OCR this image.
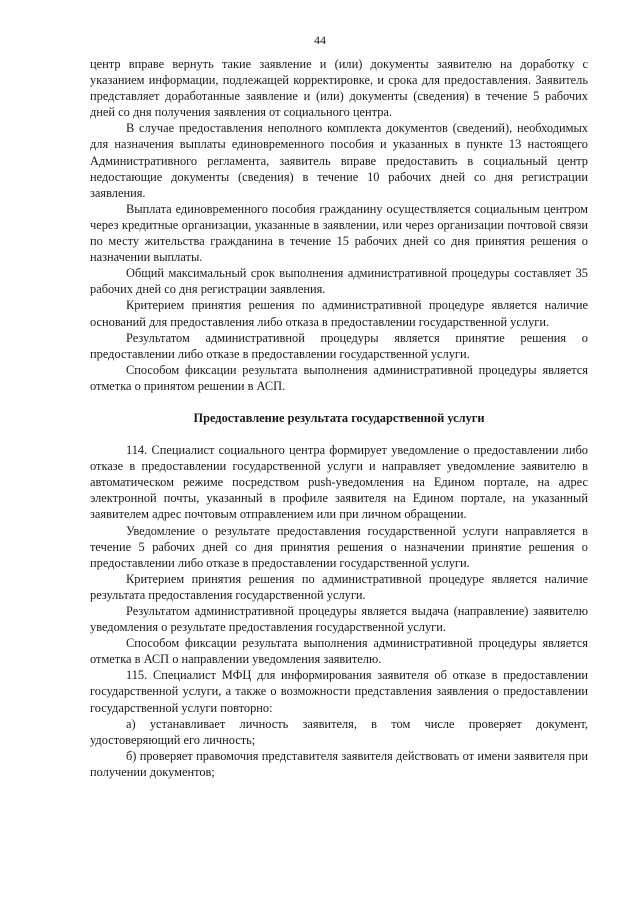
44

центр вправе вернуть такие заявление и (или) документы заявителю на доработку с указанием информации, подлежащей корректировке, и срока для предоставления. Заявитель представляет доработанные заявление и (или) документы (сведения) в течение 5 рабочих дней со дня получения заявления от социального центра.

В случае предоставления неполного комплекта документов (сведений), необходимых для назначения выплаты единовременного пособия и указанных в пункте 13 настоящего Административного регламента, заявитель вправе предоставить в социальный центр недостающие документы (сведения) в течение 10 рабочих дней со дня регистрации заявления.

Выплата единовременного пособия гражданину осуществляется социальным центром через кредитные организации, указанные в заявлении, или через организации почтовой связи по месту жительства гражданина в течение 15 рабочих дней со дня принятия решения о назначении выплаты.

Общий максимальный срок выполнения административной процедуры составляет 35 рабочих дней со дня регистрации заявления.

Критерием принятия решения по административной процедуре является наличие оснований для предоставления либо отказа в предоставлении государственной услуги.

Результатом административной процедуры является принятие решения о предоставлении либо отказе в предоставлении государственной услуги.

Способом фиксации результата выполнения административной процедуры является отметка о принятом решении в АСП.

Предоставление результата государственной услуги

114. Специалист социального центра формирует уведомление о предоставлении либо отказе в предоставлении государственной услуги и направляет уведомление заявителю в автоматическом режиме посредством push-уведомления на Едином портале, на адрес электронной почты, указанный в профиле заявителя на Едином портале, на указанный заявителем адрес почтовым отправлением или при личном обращении.

Уведомление о результате предоставления государственной услуги направляется в течение 5 рабочих дней со дня принятия решения о назначении принятие решения о предоставлении либо отказе в предоставлении государственной услуги.

Критерием принятия решения по административной процедуре является наличие результата предоставления государственной услуги.

Результатом административной процедуры является выдача (направление) заявителю уведомления о результате предоставления государственной услуги.

Способом фиксации результата выполнения административной процедуры является отметка в АСП о направлении уведомления заявителю.

115. Специалист МФЦ для информирования заявителя об отказе в предоставлении государственной услуги, а также о возможности представления заявления о предоставлении государственной услуги повторно:

а) устанавливает личность заявителя, в том числе проверяет документ, удостоверяющий его личность;

б) проверяет правомочия представителя заявителя действовать от имени заявителя при получении документов;
